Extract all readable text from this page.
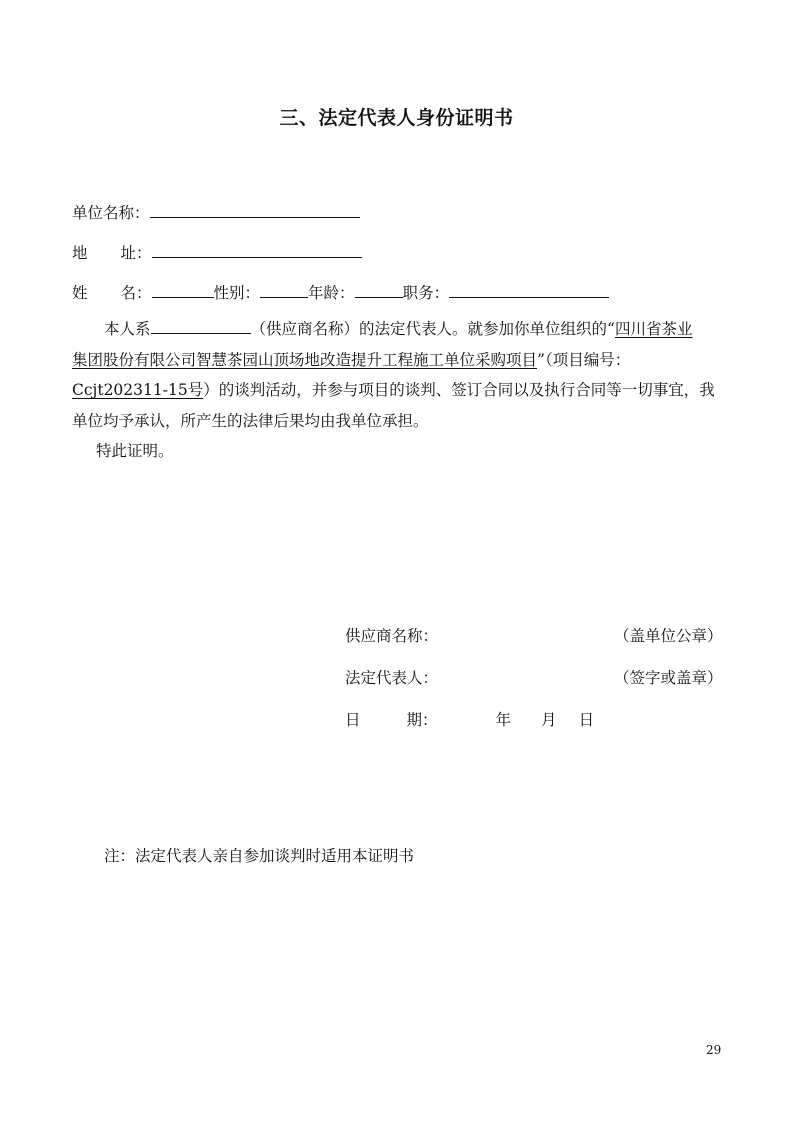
三、法定代表人身份证明书
单位名称：
地 址：
姓 名：	性别：	年龄：	职务：
本人系	（供应商名称）的法定代表人。就参加你单位组织的“四川省茶业
集团股份有限公司智慧茶园山顶场地改造提升工程施工单位采购项目”（项目编号：
Ccjt202311-15号）的谈判活动，并参与项目的谈判、签订合同以及执行合同等一切事宜，我
单位均予承认，所产生的法律后果均由我单位承担。
特此证明。
供应商名称：	（盖单位公章）
法定代表人：	（签字或盖章）
日	期：	年 月 日
注：法定代表人亲自参加谈判时适用本证明书
29
